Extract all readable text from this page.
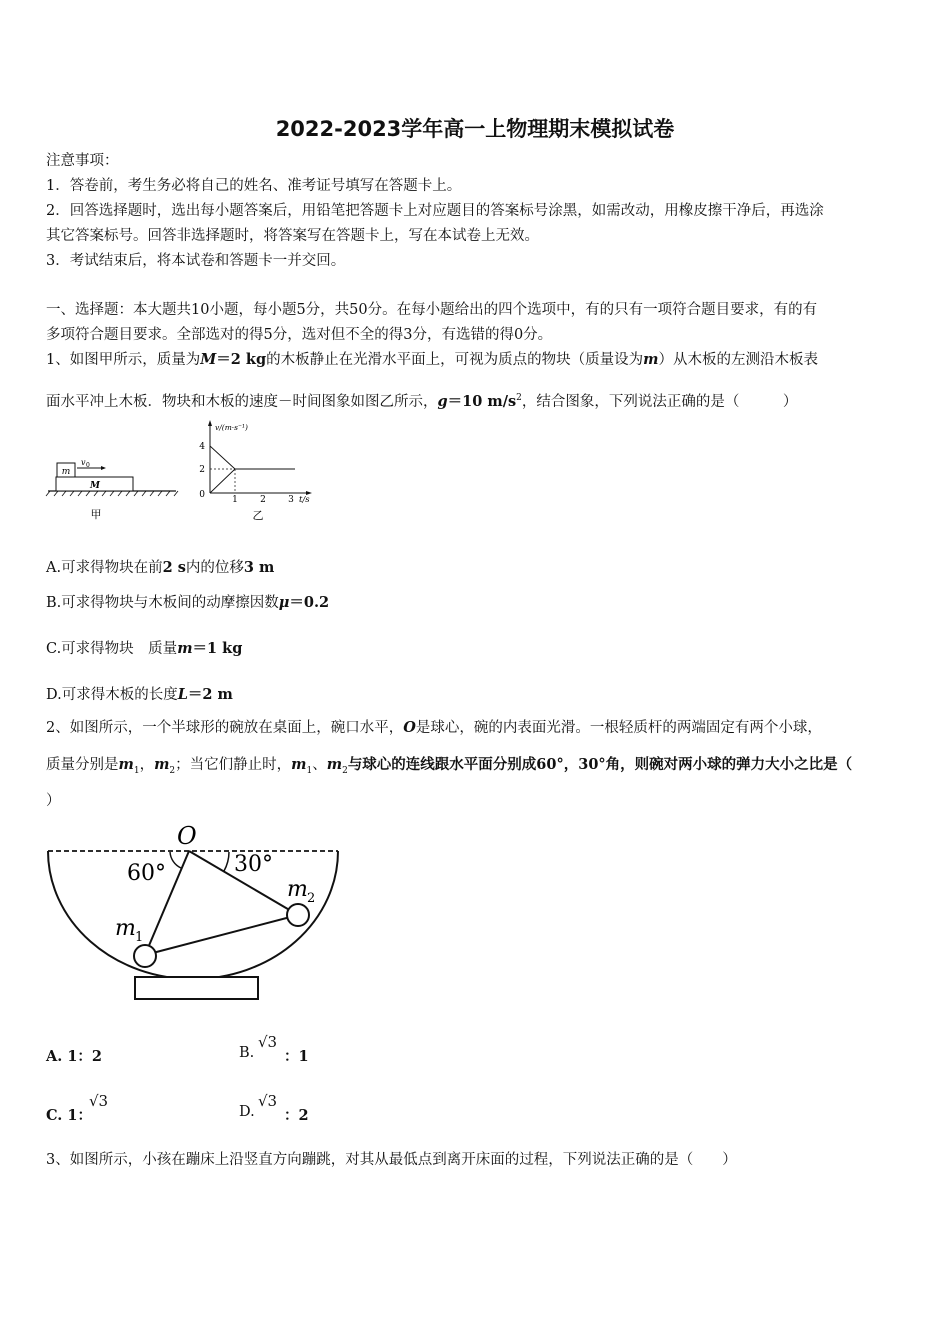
2022-2023学年高一上物理期末模拟试卷
注意事项：
1．答卷前，考生务必将自己的姓名、准考证号填写在答题卡上。
2．回答选择题时，选出每小题答案后，用铅笔把答题卡上对应题目的答案标号涂黑，如需改动，用橡皮擦干净后，再选涂
其它答案标号。回答非选择题时，将答案写在答题卡上，写在本试卷上无效。
3．考试结束后，将本试卷和答题卡一并交回。
一、选择题：本大题共10小题，每小题5分，共50分。在每小题给出的四个选项中，有的只有一项符合题目要求，有的有
多项符合题目要求。全部选对的得5分，选对但不全的得3分，有选错的得0分。
1、如图甲所示，质量为M＝2 kg的木板静止在光滑水平面上，可视为质点的物块（质量设为m）从木板的左测沿木板表
面水平冲上木板．物块和木板的速度－时间图象如图乙所示，g＝10 $m/s^2$，结合图象，下列说法正确的是（　　　）
m
v 0
M
甲
v/(m·s⁻¹)
4
2
0	1 2 3 t/s
乙
A.可求得物块在前2 s内的位移3 m
B.可求得物块与木板间的动摩擦因数μ＝0.2
C.可求得物块　质量m＝1 kg
D.可求得木板的长度L＝2 m
2、如图所示，一个半球形的碗放在桌面上，碗口水平，O是球心，碗的内表面光滑。一根轻质杆的两端固定有两个小球，
质量分别是$m_1$，$m_2$；当它们静止时，$m_1$、$m_2$与球心的连线跟水平面分别成60°，30°角，则碗对两小球的弹力大小之比是（
）
O
60°	30°
m 1
m 2
A. 1：2	B.
√3
：1
C. 1：
√3
D.
√3
：2
3、如图所示，小孩在蹦床上沿竖直方向蹦跳，对其从最低点到离开床面的过程，下列说法正确的是（　　）
